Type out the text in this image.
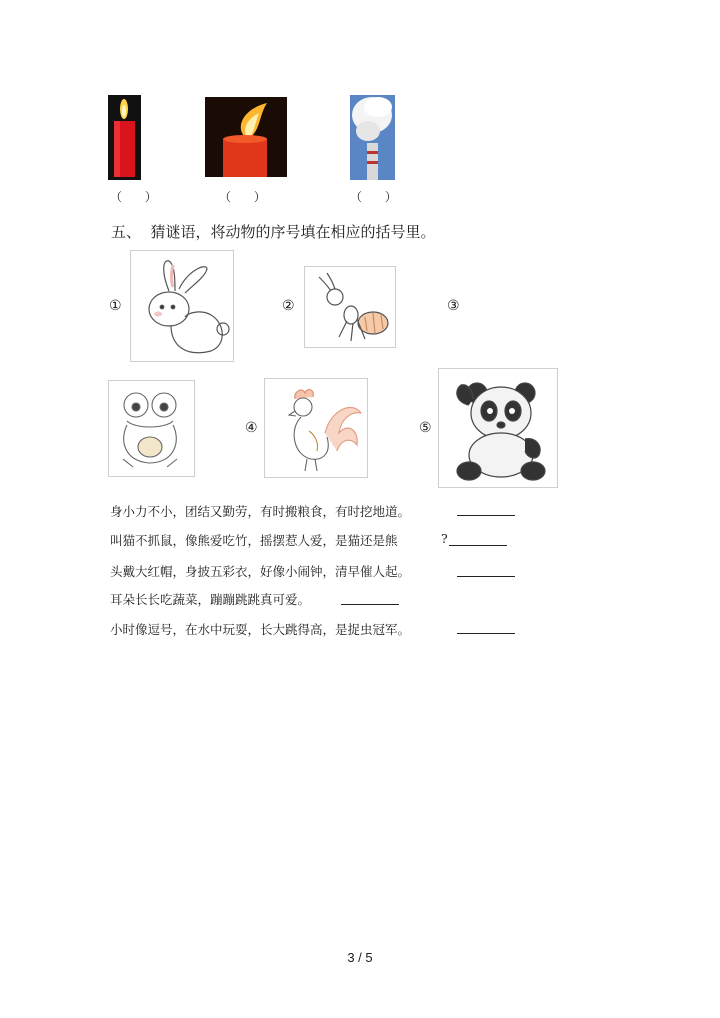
（      ）	（      ）	（      ）
五、  猜谜语，将动物的序号填在相应的括号里。
①	②	③
④	⑤
身小力不小，团结又勤劳，有时搬粮食，有时挖地道。
叫猫不抓鼠，像熊爱吃竹，摇摆惹人爱，是猫还是熊	?
头戴大红帽，身披五彩衣，好像小闹钟，清早催人起。
耳朵长长吃蔬菜，蹦蹦跳跳真可爱。
小时像逗号，在水中玩耍，长大跳得高，是捉虫冠军。
3 / 5
